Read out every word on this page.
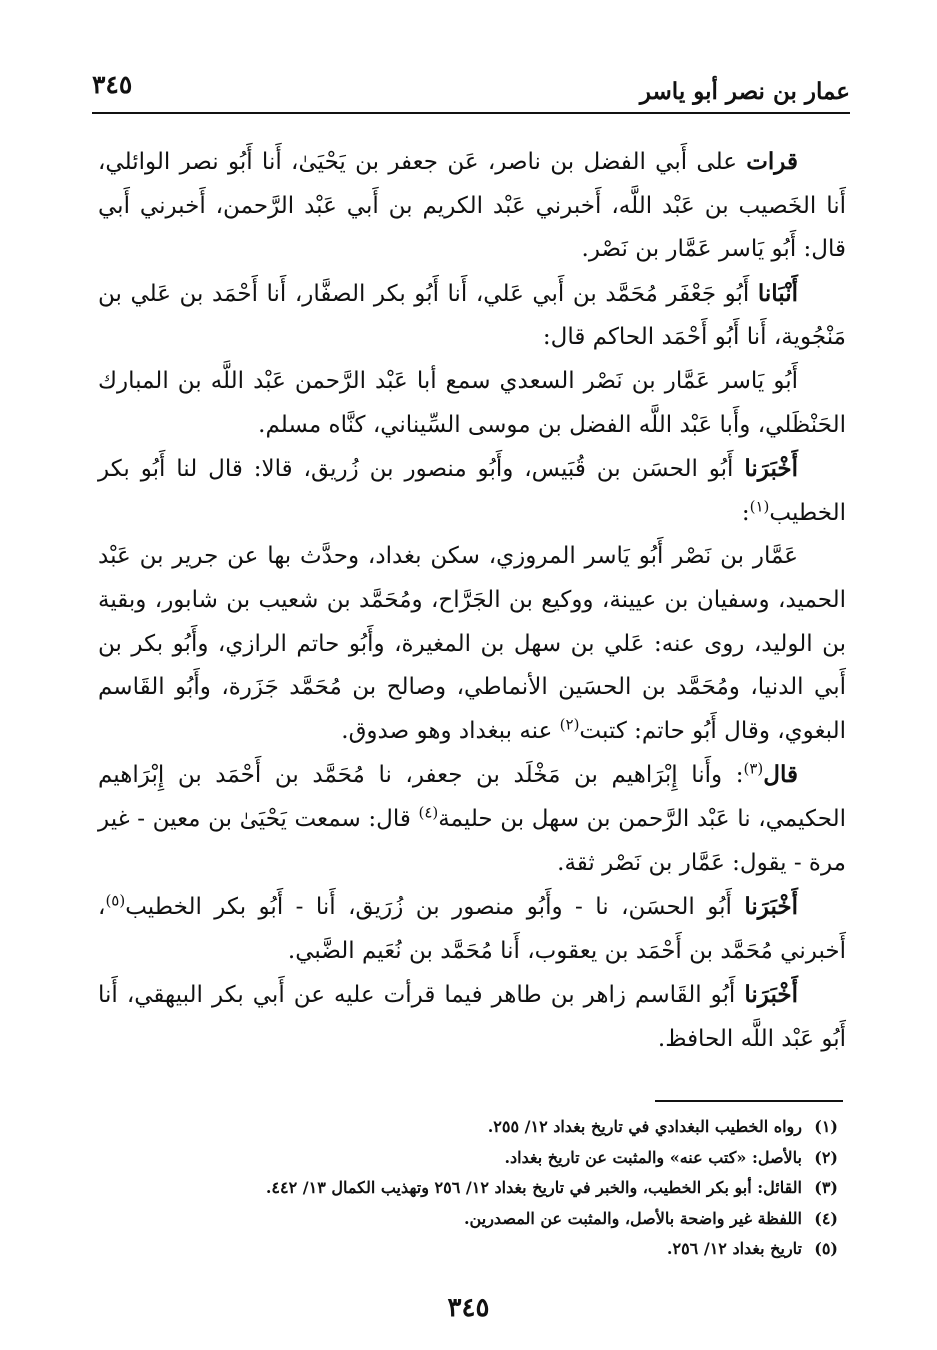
عمار بن نصر أبو ياسر
٣٤٥

قرات على أَبي الفضل بن ناصر، عَن جعفر بن يَحْيَىٰ، أَنا أَبُو نصر الوائلي، أَنا الخَصيب بن عَبْد اللَّه، أَخبرني عَبْد الكريم بن أَبي عَبْد الرَّحمن، أَخبرني أَبي قال: أَبُو يَاسر عَمَّار بن نَصْر.

أَنْبَانا أَبُو جَعْفَر مُحَمَّد بن أَبي عَلي، أَنا أَبُو بكر الصفَّار، أَنا أَحْمَد بن عَلي بن مَنْجُوية، أَنا أَبُو أَحْمَد الحاكم قال:

أَبُو يَاسر عَمَّار بن نَصْر السعدي سمع أبا عَبْد الرَّحمن عَبْد اللَّه بن المبارك الحَنْظَلي، وأَبا عَبْد اللَّه الفضل بن موسى السِّيناني، كنَّاه مسلم.

أَخْبَرَنا أَبُو الحسَن بن قُبَيس، وأَبُو منصور بن زُريق، قالا: قال لنا أَبُو بكر الخطيب$^{(١)}$:

عَمَّار بن نَصْر أَبُو يَاسر المروزي، سكن بغداد، وحدَّث بها عن جرير بن عَبْد الحميد، وسفيان بن عيينة، ووكيع بن الجَرَّاح، ومُحَمَّد بن شعيب بن شابور، وبقية بن الوليد، روى عنه: عَلي بن سهل بن المغيرة، وأَبُو حاتم الرازي، وأَبُو بكر بن أَبي الدنيا، ومُحَمَّد بن الحسَين الأنماطي، وصالح بن مُحَمَّد جَزَرة، وأَبُو القَاسم البغوي، وقال أَبُو حاتم: كتبت$^{(٢)}$ عنه ببغداد وهو صدوق.

قال$^{(٣)}$: وأَنا إِبْرَاهيم بن مَخْلَد بن جعفر، نا مُحَمَّد بن أَحْمَد بن إِبْرَاهيم الحكيمي، نا عَبْد الرَّحمن بن سهل بن حليمة$^{(٤)}$ قال: سمعت يَحْيَىٰ بن معين - غير مرة - يقول: عَمَّار بن نَصْر ثقة.

أَخْبَرَنا أَبُو الحسَن، نا - وأَبُو منصور بن زُرَيق، أَنا - أَبُو بكر الخطيب$^{(٥)}$، أَخبرني مُحَمَّد بن أَحْمَد بن يعقوب، أَنا مُحَمَّد بن نُعَيم الضَّبي.

أَخْبَرَنا أَبُو القَاسم زاهر بن طاهر فيما قرأت عليه عن أَبي بكر البيهقي، أَنا أَبُو عَبْد اللَّه الحافظ.

(١)رواه الخطيب البغدادي في تاريخ بغداد ١٢/ ٢٥٥.

(٢)بالأصل: «كتب عنه» والمثبت عن تاريخ بغداد.

(٣)القائل: أبو بكر الخطيب، والخبر في تاريخ بغداد ١٢/ ٢٥٦ وتهذيب الكمال ١٣/ ٤٤٢.

(٤)اللفظة غير واضحة بالأصل، والمثبت عن المصدرين.

(٥)تاريخ بغداد ١٢/ ٢٥٦.

٣٤٥
